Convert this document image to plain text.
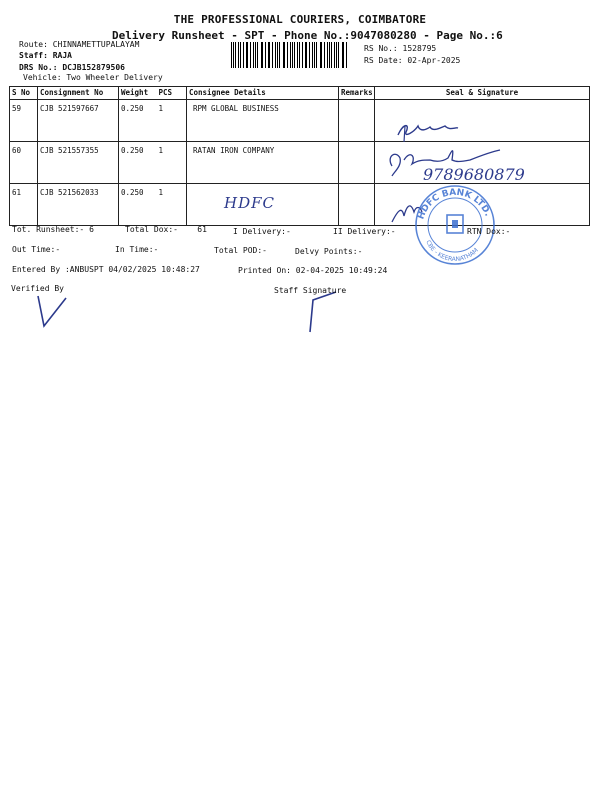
THE PROFESSIONAL COURIERS, COIMBATORE
Delivery Runsheet - SPT - Phone No.:9047080280 - Page No.:6
Route: CHINNAMETTUPALAYAM
Staff: RAJA
DRS No.: DCJB152879506
Vehicle: Two Wheeler Delivery
RS No.: 1528795
RS Date: 02-Apr-2025
S No	Consignment No	Weight	PCS	Consignee Details	Remarks	Seal & Signature
59	CJB 521597667	0.250	1	RPM GLOBAL BUSINESS		
60	CJB 521557355	0.250	1	RATAN IRON COMPANY		
61	CJB 521562033	0.250	1			
HDFC
9789680879
HDFC BANK LTD.
CBE - KEERANATHAM
Tot. Runsheet:- 6	Total Dox:-    61	I Delivery:-	II Delivery:-	RTN Dox:-
Out Time:-	In Time:-	Total POD:-	Delvy Points:-
Entered By :ANBUSPT 04/02/2025 10:48:27	Printed On: 02-04-2025 10:49:24
Verified By	Staff Signature
